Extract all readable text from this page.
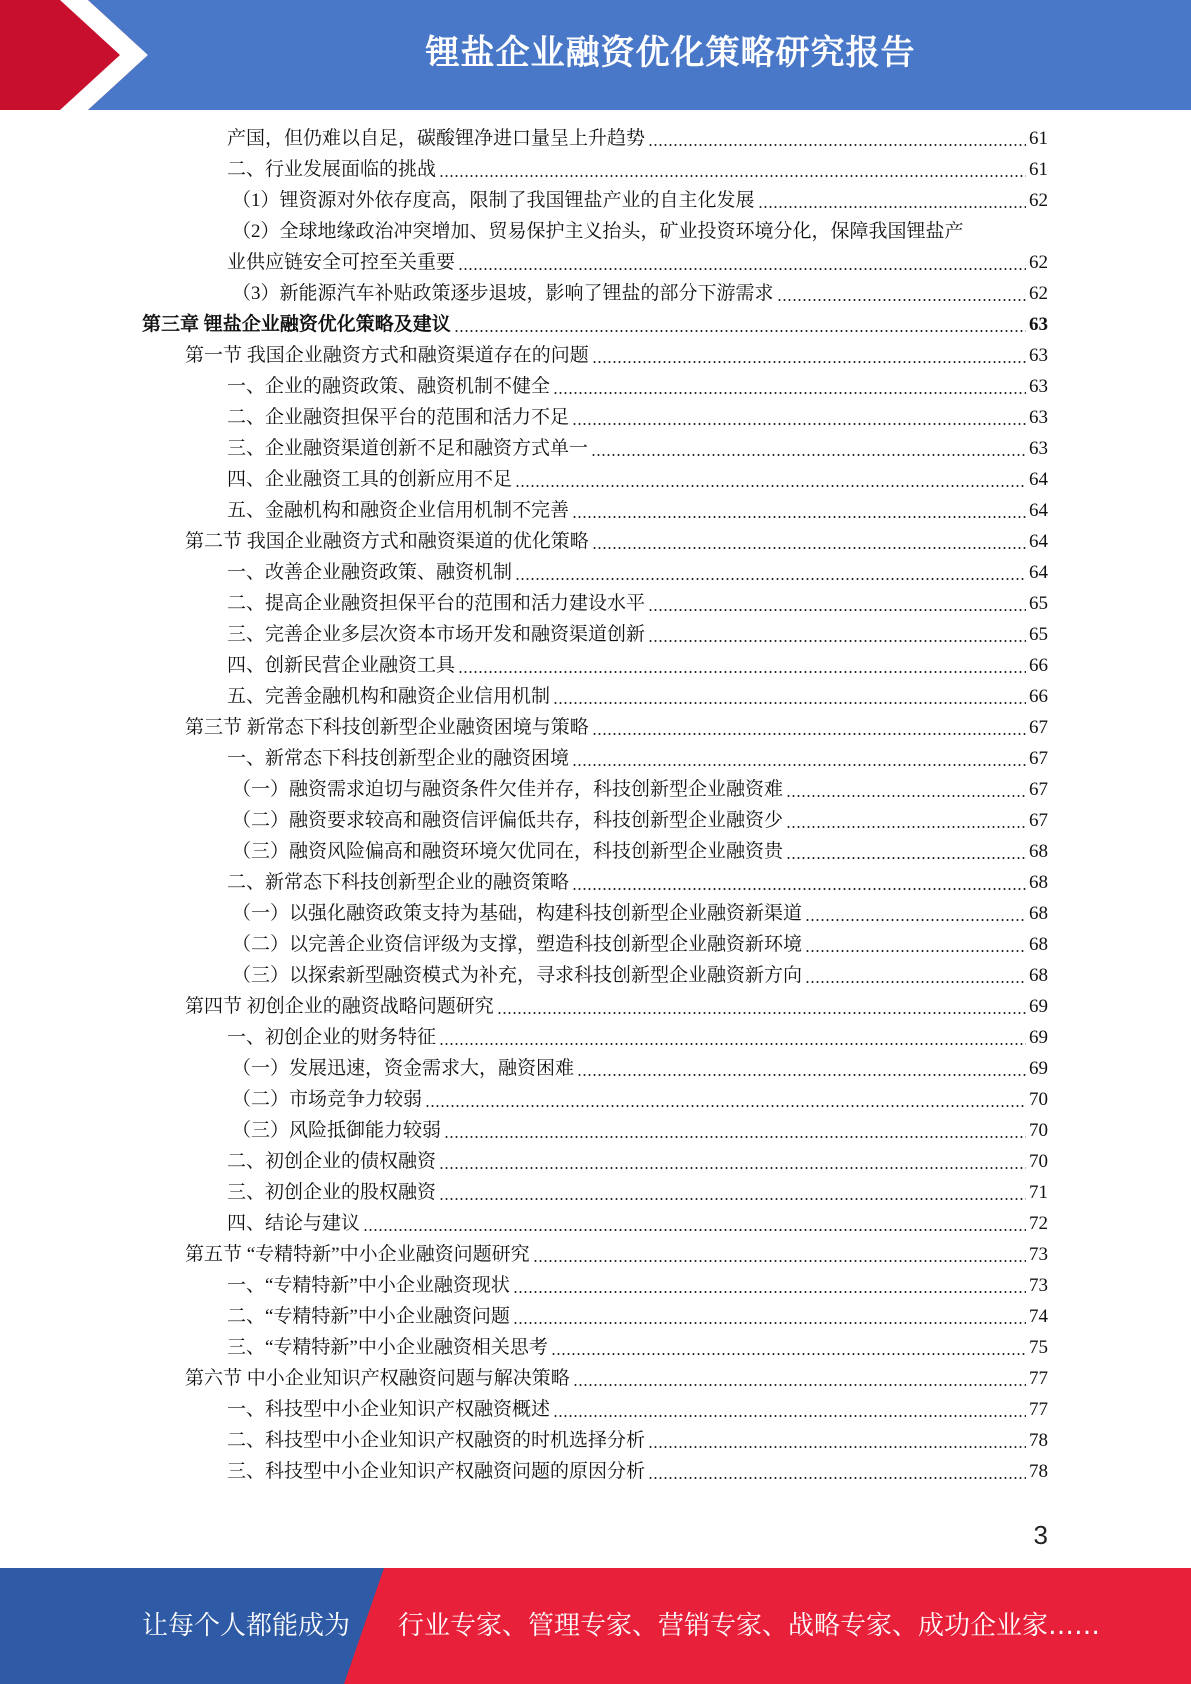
锂盐企业融资优化策略研究报告
产国，但仍难以自足，碳酸锂净进口量呈上升趋势	61
二、行业发展面临的挑战	61
（1）锂资源对外依存度高，限制了我国锂盐产业的自主化发展	62
（2）全球地缘政治冲突增加、贸易保护主义抬头，矿业投资环境分化，保障我国锂盐产
业供应链安全可控至关重要	62
（3）新能源汽车补贴政策逐步退坡，影响了锂盐的部分下游需求	62
第三章 锂盐企业融资优化策略及建议	63
第一节 我国企业融资方式和融资渠道存在的问题	63
一、企业的融资政策、融资机制不健全	63
二、企业融资担保平台的范围和活力不足	63
三、企业融资渠道创新不足和融资方式单一	63
四、企业融资工具的创新应用不足	64
五、金融机构和融资企业信用机制不完善	64
第二节 我国企业融资方式和融资渠道的优化策略	64
一、改善企业融资政策、融资机制	64
二、提高企业融资担保平台的范围和活力建设水平	65
三、完善企业多层次资本市场开发和融资渠道创新	65
四、创新民营企业融资工具	66
五、完善金融机构和融资企业信用机制	66
第三节 新常态下科技创新型企业融资困境与策略	67
一、新常态下科技创新型企业的融资困境	67
（一）融资需求迫切与融资条件欠佳并存，科技创新型企业融资难	67
（二）融资要求较高和融资信评偏低共存，科技创新型企业融资少	67
（三）融资风险偏高和融资环境欠优同在，科技创新型企业融资贵	68
二、新常态下科技创新型企业的融资策略	68
（一）以强化融资政策支持为基础，构建科技创新型企业融资新渠道	68
（二）以完善企业资信评级为支撑，塑造科技创新型企业融资新环境	68
（三）以探索新型融资模式为补充，寻求科技创新型企业融资新方向	68
第四节 初创企业的融资战略问题研究	69
一、初创企业的财务特征	69
（一）发展迅速，资金需求大，融资困难	69
（二）市场竞争力较弱	70
（三）风险抵御能力较弱	70
二、初创企业的债权融资	70
三、初创企业的股权融资	71
四、结论与建议	72
第五节 “专精特新”中小企业融资问题研究	73
一、“专精特新”中小企业融资现状	73
二、“专精特新”中小企业融资问题	74
三、“专精特新”中小企业融资相关思考	75
第六节 中小企业知识产权融资问题与解决策略	77
一、科技型中小企业知识产权融资概述	77
二、科技型中小企业知识产权融资的时机选择分析	78
三、科技型中小企业知识产权融资问题的原因分析	78
3
让每个人都能成为 行业专家、管理专家、营销专家、战略专家、成功企业家……
